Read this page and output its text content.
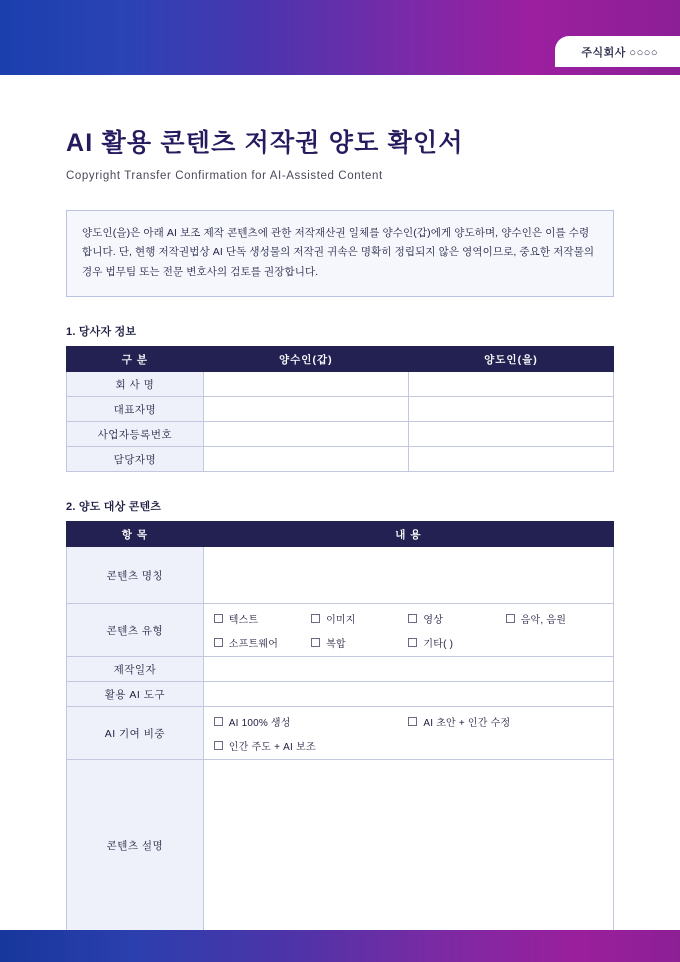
주식회사 ○○○○
AI 활용 콘텐츠 저작권 양도 확인서
Copyright Transfer Confirmation for AI-Assisted Content
양도인(을)은 아래 AI 보조 제작 콘텐츠에 관한 저작재산권 일체를 양수인(갑)에게 양도하며, 양수인은 이를 수령합니다. 단, 현행 저작권법상 AI 단독 생성물의 저작권 귀속은 명확히 정립되지 않은 영역이므로, 중요한 저작물의 경우 법무팀 또는 전문 변호사의 검토를 권장합니다.
1. 당사자 정보
구 분	양수인(갑)	양도인(을)
회 사 명		
대표자명		
사업자등록번호		
담당자명		
2. 양도 대상 콘텐츠
항 목	내 용
콘텐츠 명칭	
콘텐츠 유형	
텍스트	이미지	영상	음악, 음원
소프트웨어	복합	기타( )

제작일자	
활용 AI 도구	
AI 기여 비중	AI 100% 생성 AI 초안 + 인간 수정
인간 주도 + AI 보조

콘텐츠 설명	
